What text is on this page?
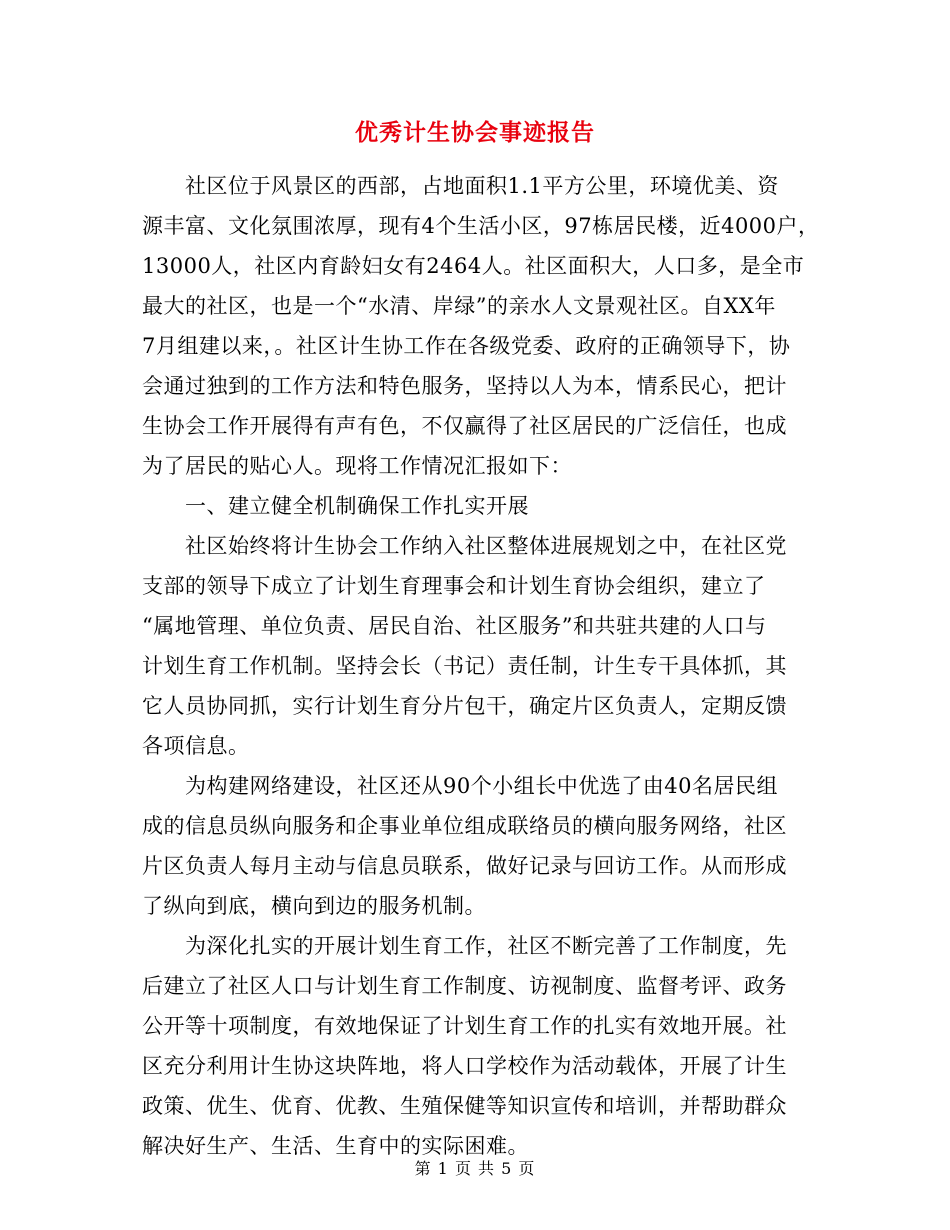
优秀计生协会事迹报告
　　社区位于风景区的西部，占地面积1.1平方公里，环境优美、资
源丰富、文化氛围浓厚，现有4个生活小区，97栋居民楼，近4000户，
13000人，社区内育龄妇女有2464人。社区面积大，人口多，是全市
最大的社区，也是一个“水清、岸绿”的亲水人文景观社区。自XX年
7月组建以来，。社区计生协工作在各级党委、政府的正确领导下，协
会通过独到的工作方法和特色服务，坚持以人为本，情系民心，把计
生协会工作开展得有声有色，不仅赢得了社区居民的广泛信任，也成
为了居民的贴心人。现将工作情况汇报如下：
　　一、建立健全机制确保工作扎实开展
　　社区始终将计生协会工作纳入社区整体进展规划之中，在社区党
支部的领导下成立了计划生育理事会和计划生育协会组织，建立了
“属地管理、单位负责、居民自治、社区服务”和共驻共建的人口与
计划生育工作机制。坚持会长（书记）责任制，计生专干具体抓，其
它人员协同抓，实行计划生育分片包干，确定片区负责人，定期反馈
各项信息。
　　为构建网络建设，社区还从90个小组长中优选了由40名居民组
成的信息员纵向服务和企事业单位组成联络员的横向服务网络，社区
片区负责人每月主动与信息员联系，做好记录与回访工作。从而形成
了纵向到底，横向到边的服务机制。
　　为深化扎实的开展计划生育工作，社区不断完善了工作制度，先
后建立了社区人口与计划生育工作制度、访视制度、监督考评、政务
公开等十项制度，有效地保证了计划生育工作的扎实有效地开展。社
区充分利用计生协这块阵地，将人口学校作为活动载体，开展了计生
政策、优生、优育、优教、生殖保健等知识宣传和培训，并帮助群众
解决好生产、生活、生育中的实际困难。
第 1 页 共 5 页
